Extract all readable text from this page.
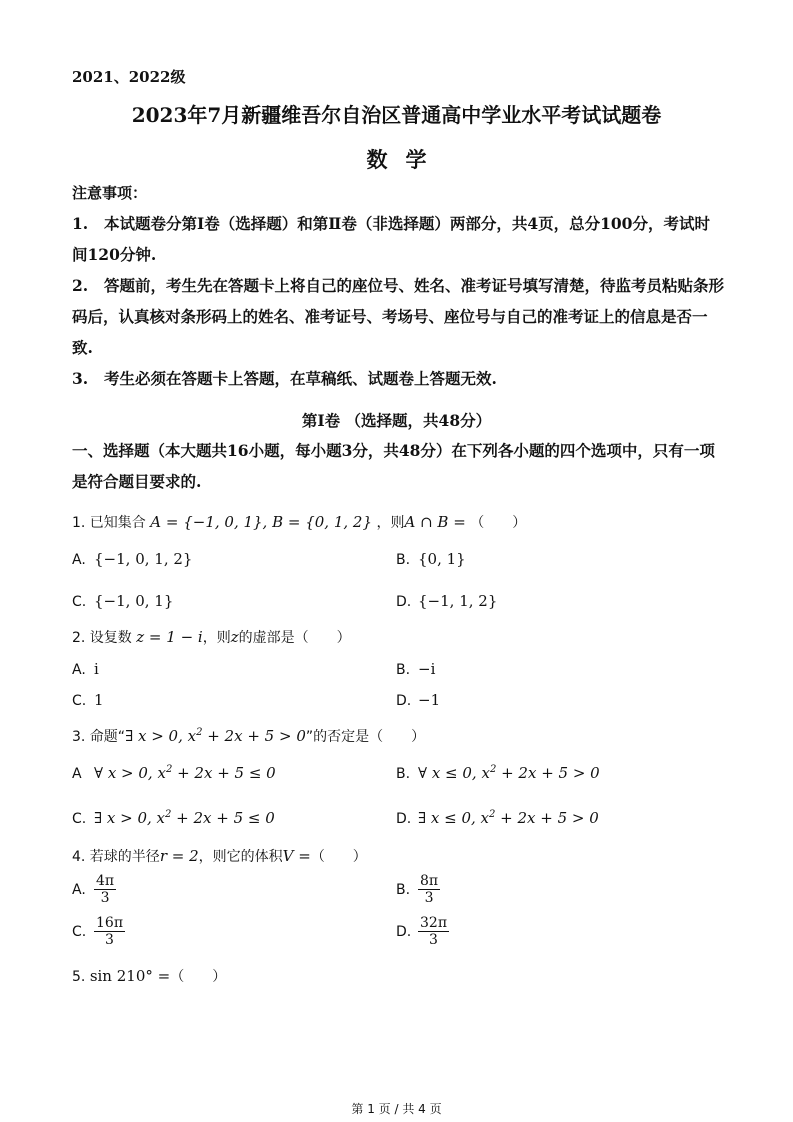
2021、2022级
2023年7月新疆维吾尔自治区普通高中学业水平考试试题卷
数学
注意事项：
1. 本试题卷分第Ⅰ卷（选择题）和第Ⅱ卷（非选择题）两部分，共4页，总分100分，考试时间120分钟.
2. 答题前，考生先在答题卡上将自己的座位号、姓名、准考证号填写清楚，待监考员粘贴条形码后，认真核对条形码上的姓名、准考证号、考场号、座位号与自己的准考证上的信息是否一致.
3. 考生必须在答题卡上答题，在草稿纸、试题卷上答题无效.
第Ⅰ卷 （选择题，共48分）
一、选择题（本大题共16小题，每小题3分，共48分）在下列各小题的四个选项中，只有一项是符合题目要求的.
1. 已知集合 A = {−1, 0, 1}, B = {0, 1, 2} ，则A ∩ B = （　　）
A. {−1, 0, 1, 2}	B. {0, 1}
C. {−1, 0, 1}	D. {−1, 1, 2}
2. 设复数 z = 1 − i，则z的虚部是（　　）
A. i	B. −i
C. 1	D. −1
3. 命题“∃ x > 0, $x^2 + 2x + 5 > 0$”的否定是（　　）
A ∀ x > 0, $x^2 + 2x + 5 \le 0$	B. ∀ x ≤ 0, $x^2 + 2x + 5 > 0$
C. ∃ x > 0, $x^2 + 2x + 5 \le 0$	D. ∃ x ≤ 0, $x^2 + 2x + 5 > 0$
4. 若球的半径r = 2，则它的体积V =（　　）
A. $\frac{4\pi}{3}$	B. $\frac{8\pi}{3}$
C. $\frac{16\pi}{3}$	D. $\frac{32\pi}{3}$
5. sin 210° =（　　）
第 1 页 / 共 4 页
